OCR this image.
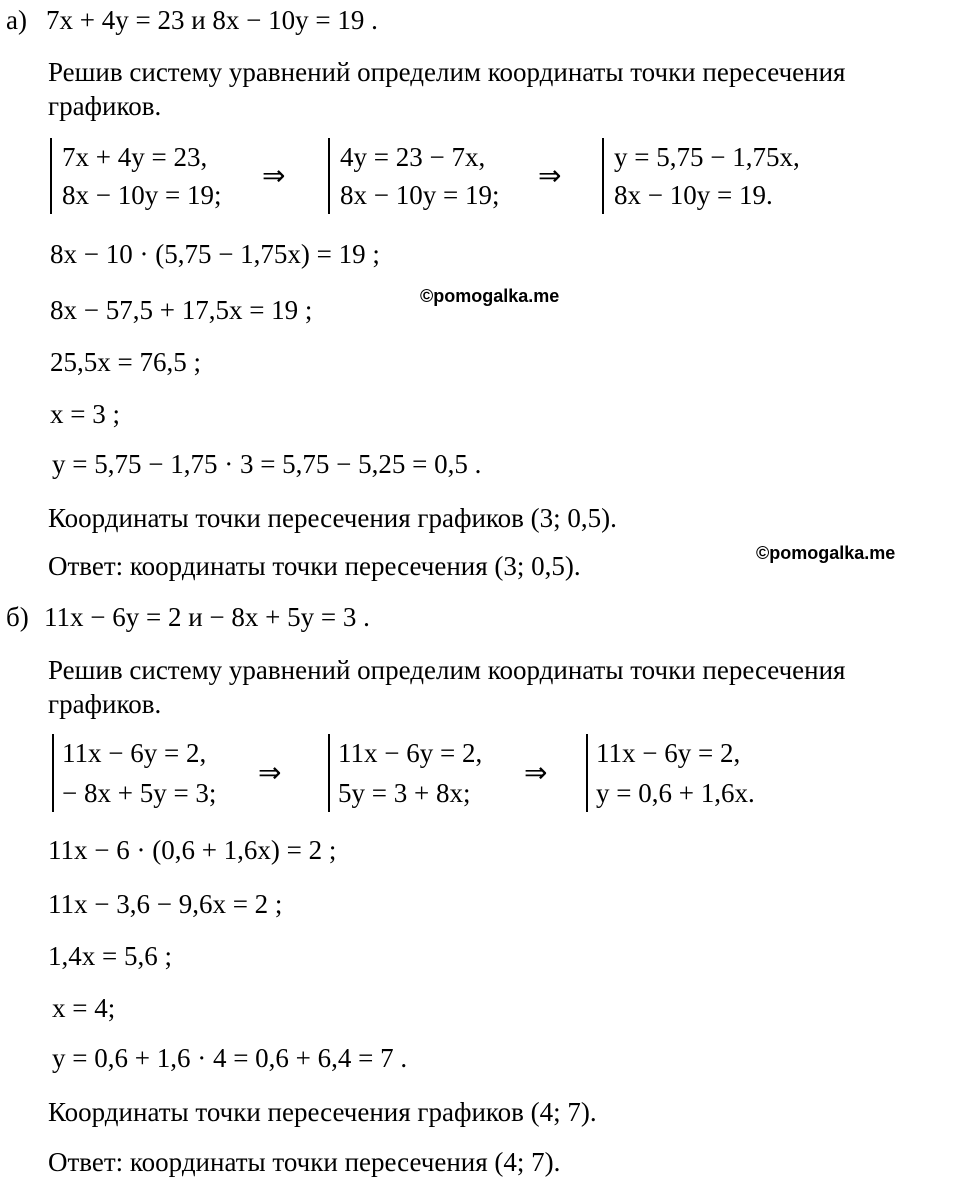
а) 7x + 4y = 23 и 8x − 10y = 19 .
Решив систему уравнений определим координаты точки пересечения
графиков.
7x + 4y = 23,
8x − 10y = 19;
⇒
4y = 23 − 7x,
8x − 10y = 19;
⇒
y = 5,75 − 1,75x,
8x − 10y = 19.
8x − 10 · (5,75 − 1,75x) = 19 ;
©pomogalka.me
8x − 57,5 + 17,5x = 19 ;
25,5x = 76,5 ;
x = 3 ;
y = 5,75 − 1,75 · 3 = 5,75 − 5,25 = 0,5 .
Координаты точки пересечения графиков (3; 0,5).
Ответ: координаты точки пересечения (3; 0,5).	©pomogalka.me
б) 11x − 6y = 2 и − 8x + 5y = 3 .
Решив систему уравнений определим координаты точки пересечения
графиков.
11x − 6y = 2,
− 8x + 5y = 3;
⇒
11x − 6y = 2,
5y = 3 + 8x;
⇒
11x − 6y = 2,
y = 0,6 + 1,6x.
11x − 6 · (0,6 + 1,6x) = 2 ;
11x − 3,6 − 9,6x = 2 ;
1,4x = 5,6 ;
x = 4;
y = 0,6 + 1,6 · 4 = 0,6 + 6,4 = 7 .
Координаты точки пересечения графиков (4; 7).
Ответ: координаты точки пересечения (4; 7).
